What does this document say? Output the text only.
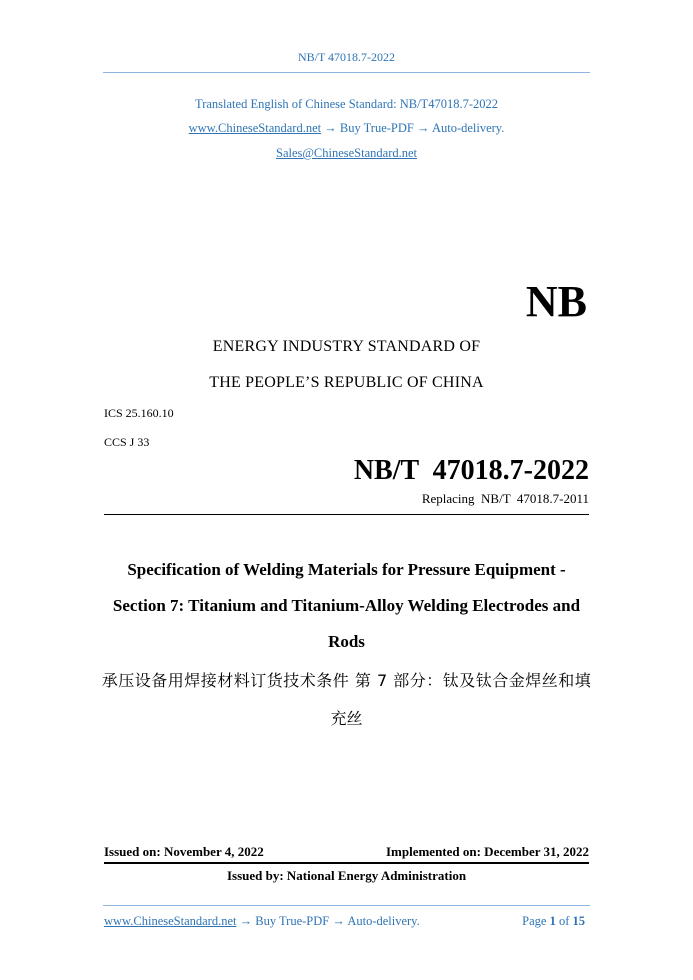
NB/T 47018.7-2022
Translated English of Chinese Standard: NB/T47018.7-2022
www.ChineseStandard.net → Buy True-PDF → Auto-delivery.
Sales@ChineseStandard.net
NB
ENERGY INDUSTRY STANDARD OF
THE PEOPLE’S REPUBLIC OF CHINA
ICS 25.160.10
CCS J 33
NB/T  47018.7-2022
Replacing  NB/T  47018.7-2011
Specification of Welding Materials for Pressure Equipment -
Section 7: Titanium and Titanium-Alloy Welding Electrodes and
Rods
承压设备用焊接材料订货技术条件 第 7 部分：钛及钛合金焊丝和填
充丝
Issued on: November 4, 2022	Implemented on: December 31, 2022
Issued by: National Energy Administration
www.ChineseStandard.net → Buy True-PDF → Auto-delivery.	Page 1 of 15
